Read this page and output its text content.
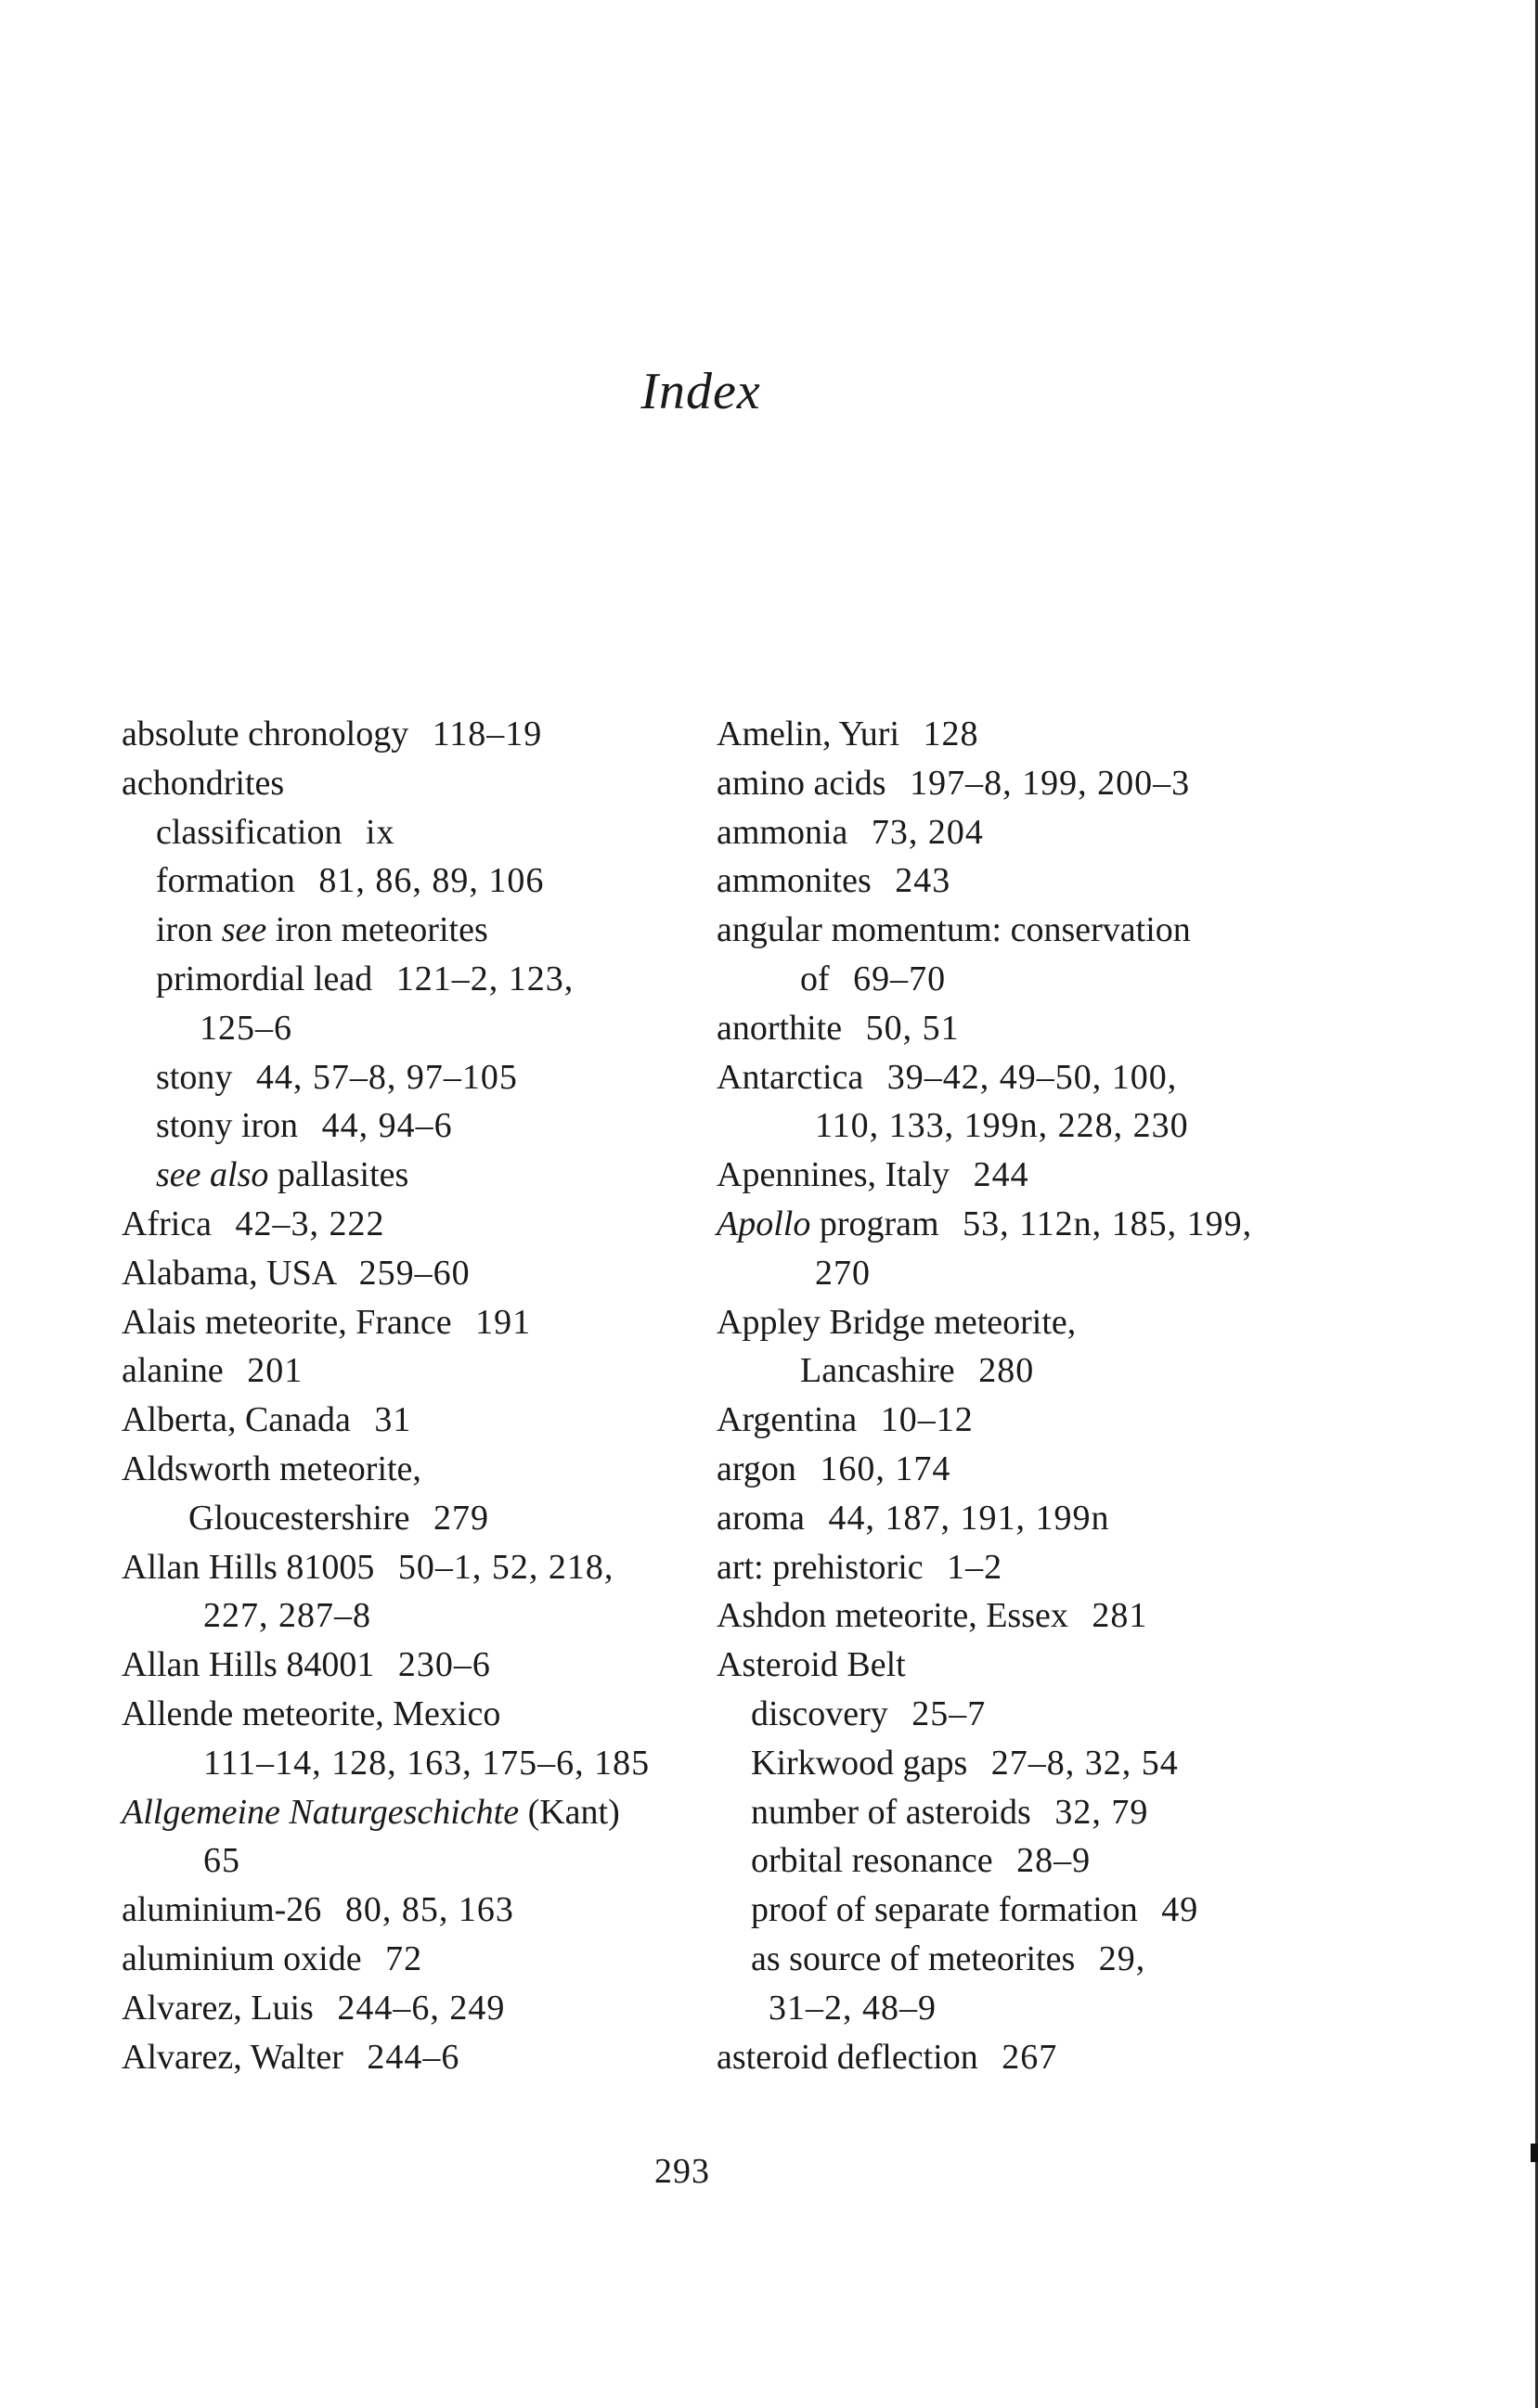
Index
absolute chronology 118–19
achondrites
classification ix
formation 81, 86, 89, 106
iron see iron meteorites
primordial lead 121–2, 123,
125–6
stony 44, 57–8, 97–105
stony iron 44, 94–6
see also pallasites
Africa 42–3, 222
Alabama, USA 259–60
Alais meteorite, France 191
alanine 201
Alberta, Canada 31
Aldsworth meteorite,
Gloucestershire 279
Allan Hills 81005 50–1, 52, 218,
227, 287–8
Allan Hills 84001 230–6
Allende meteorite, Mexico
111–14, 128, 163, 175–6, 185
Allgemeine Naturgeschichte (Kant)
65
aluminium-26 80, 85, 163
aluminium oxide 72
Alvarez, Luis 244–6, 249
Alvarez, Walter 244–6
Amelin, Yuri 128
amino acids 197–8, 199, 200–3
ammonia 73, 204
ammonites 243
angular momentum: conservation
of 69–70
anorthite 50, 51
Antarctica 39–42, 49–50, 100,
110, 133, 199n, 228, 230
Apennines, Italy 244
Apollo program 53, 112n, 185, 199,
270
Appley Bridge meteorite,
Lancashire 280
Argentina 10–12
argon 160, 174
aroma 44, 187, 191, 199n
art: prehistoric 1–2
Ashdon meteorite, Essex 281
Asteroid Belt
discovery 25–7
Kirkwood gaps 27–8, 32, 54
number of asteroids 32, 79
orbital resonance 28–9
proof of separate formation 49
as source of meteorites 29,
31–2, 48–9
asteroid deflection 267
293
